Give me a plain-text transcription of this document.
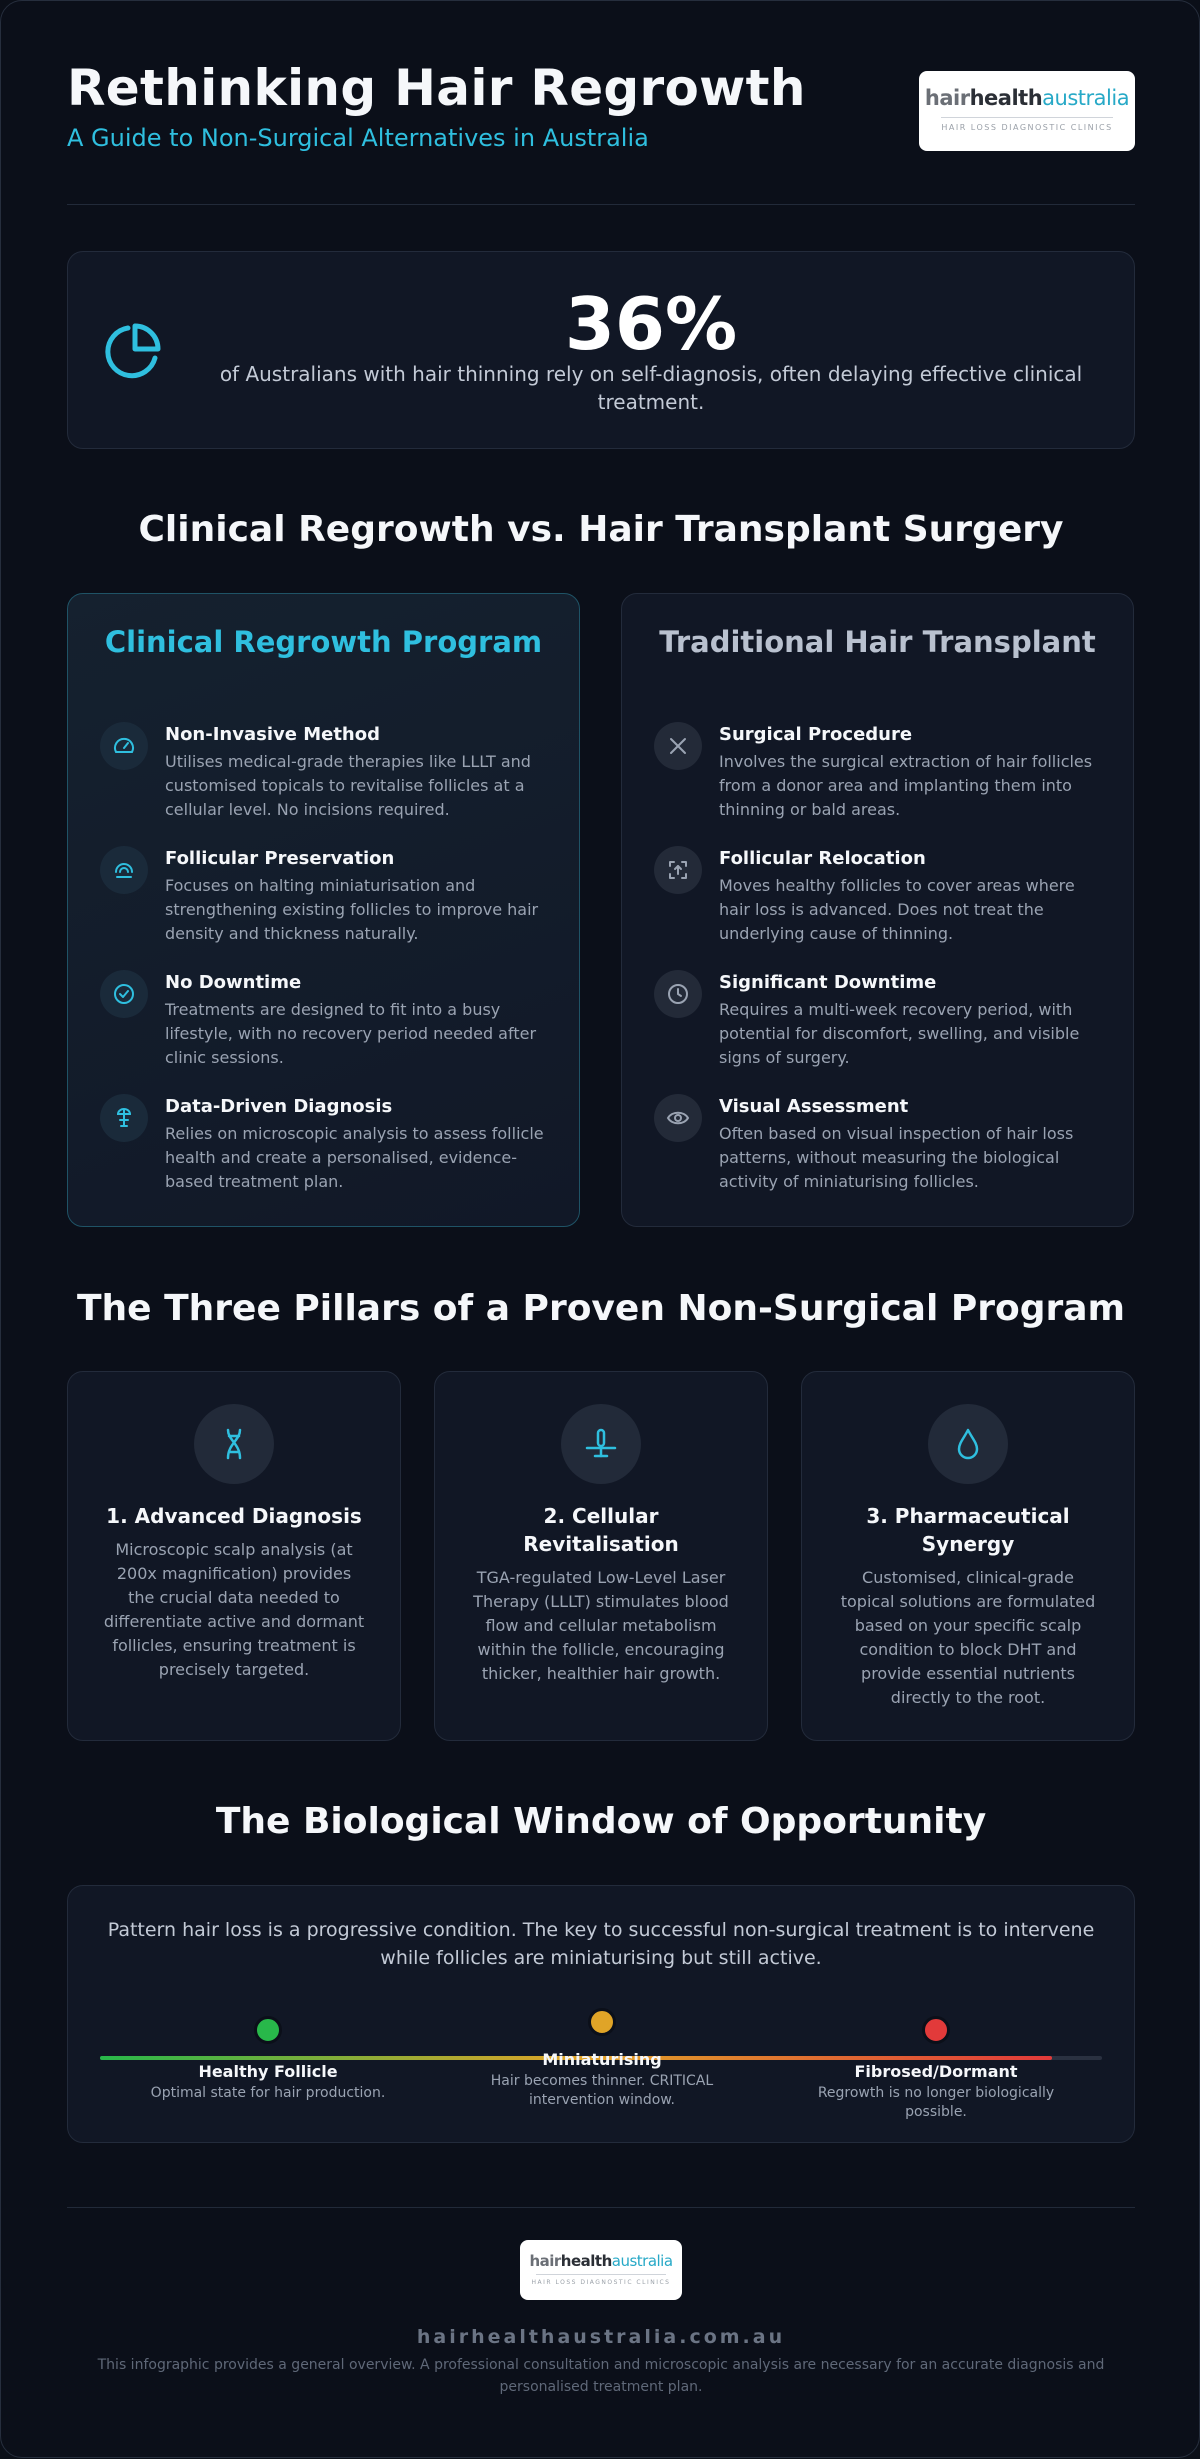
Rethinking Hair Regrowth
A Guide to Non-Surgical Alternatives in Australia
hairhealthaustralia
HAIR LOSS DIAGNOSTIC CLINICS
36%
of Australians with hair thinning rely on self-diagnosis, often delaying effective clinical treatment.
Clinical Regrowth vs. Hair Transplant Surgery
Clinical Regrowth Program
Non-Invasive Method
Utilises medical-grade therapies like LLLT and customised topicals to revitalise follicles at a cellular level. No incisions required.
Follicular Preservation
Focuses on halting miniaturisation and strengthening existing follicles to improve hair density and thickness naturally.
No Downtime
Treatments are designed to fit into a busy lifestyle, with no recovery period needed after clinic sessions.
Data-Driven Diagnosis
Relies on microscopic analysis to assess follicle health and create a personalised, evidence-based treatment plan.
Traditional Hair Transplant
Surgical Procedure
Involves the surgical extraction of hair follicles from a donor area and implanting them into thinning or bald areas.
Follicular Relocation
Moves healthy follicles to cover areas where hair loss is advanced. Does not treat the underlying cause of thinning.
Significant Downtime
Requires a multi-week recovery period, with potential for discomfort, swelling, and visible signs of surgery.
Visual Assessment
Often based on visual inspection of hair loss patterns, without measuring the biological activity of miniaturising follicles.
The Three Pillars of a Proven Non-Surgical Program
1. Advanced Diagnosis
Microscopic scalp analysis (at 200x magnification) provides the crucial data needed to differentiate active and dormant follicles, ensuring treatment is precisely targeted.
2. Cellular Revitalisation
TGA-regulated Low-Level Laser Therapy (LLLT) stimulates blood flow and cellular metabolism within the follicle, encouraging thicker, healthier hair growth.
3. Pharmaceutical Synergy
Customised, clinical-grade topical solutions are formulated based on your specific scalp condition to block DHT and provide essential nutrients directly to the root.
The Biological Window of Opportunity
Pattern hair loss is a progressive condition. The key to successful non-surgical treatment is to intervene while follicles are miniaturising but still active.
Healthy Follicle
Optimal state for hair production.
Miniaturising
Hair becomes thinner. CRITICAL intervention window.
Fibrosed/Dormant
Regrowth is no longer biologically possible.
hairhealthaustralia
HAIR LOSS DIAGNOSTIC CLINICS
hairhealthaustralia.com.au
This infographic provides a general overview. A professional consultation and microscopic analysis are necessary for an accurate diagnosis and personalised treatment plan.
